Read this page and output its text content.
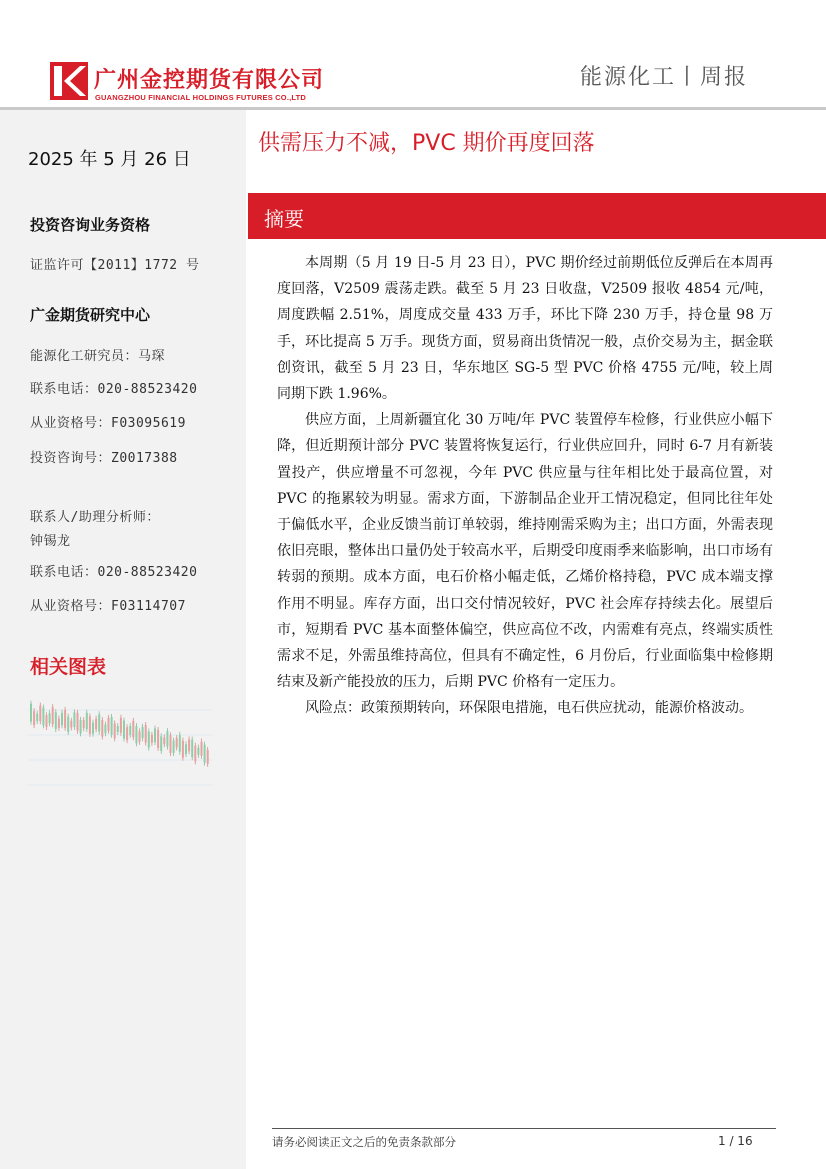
广州金控期货有限公司
GUANGZHOU FINANCIAL HOLDINGS FUTURES CO.,LTD
能源化工丨周报
2025 年 5 月 26 日
投资咨询业务资格
证监许可【2011】1772 号
广金期货研究中心
能源化工研究员：马琛
联系电话：020-88523420
从业资格号：F03095619
投资咨询号：Z0017388
联系人/助理分析师：
钟锡龙
联系电话：020-88523420
从业资格号：F03114707
相关图表
供需压力不减，PVC 期价再度回落
摘要

本周期（5 月 19 日-5 月 23 日），PVC 期价经过前期低位反弹后在本周再度回落，V2509 震荡走跌。截至 5 月 23 日收盘，V2509 报收 4854 元/吨，周度跌幅 2.51%，周度成交量 433 万手，环比下降 230 万手，持仓量 98 万手，环比提高 5 万手。现货方面，贸易商出货情况一般，点价交易为主，据金联创资讯，截至 5 月 23 日，华东地区 SG-5 型 PVC 价格 4755 元/吨，较上周同期下跌 1.96%。

供应方面，上周新疆宜化 30 万吨/年 PVC 装置停车检修，行业供应小幅下降，但近期预计部分 PVC 装置将恢复运行，行业供应回升，同时 6-7 月有新装置投产，供应增量不可忽视，今年 PVC 供应量与往年相比处于最高位置，对 PVC 的拖累较为明显。需求方面，下游制品企业开工情况稳定，但同比往年处于偏低水平，企业反馈当前订单较弱，维持刚需采购为主；出口方面，外需表现依旧亮眼，整体出口量仍处于较高水平，后期受印度雨季来临影响，出口市场有转弱的预期。成本方面，电石价格小幅走低，乙烯价格持稳，PVC 成本端支撑作用不明显。库存方面，出口交付情况较好，PVC 社会库存持续去化。展望后市，短期看 PVC 基本面整体偏空，供应高位不改，内需难有亮点，终端实质性需求不足，外需虽维持高位，但具有不确定性，6 月份后，行业面临集中检修期结束及新产能投放的压力，后期 PVC 价格有一定压力。

风险点：政策预期转向，环保限电措施，电石供应扰动，能源价格波动。

请务必阅读正文之后的免责条款部分	1 / 16
